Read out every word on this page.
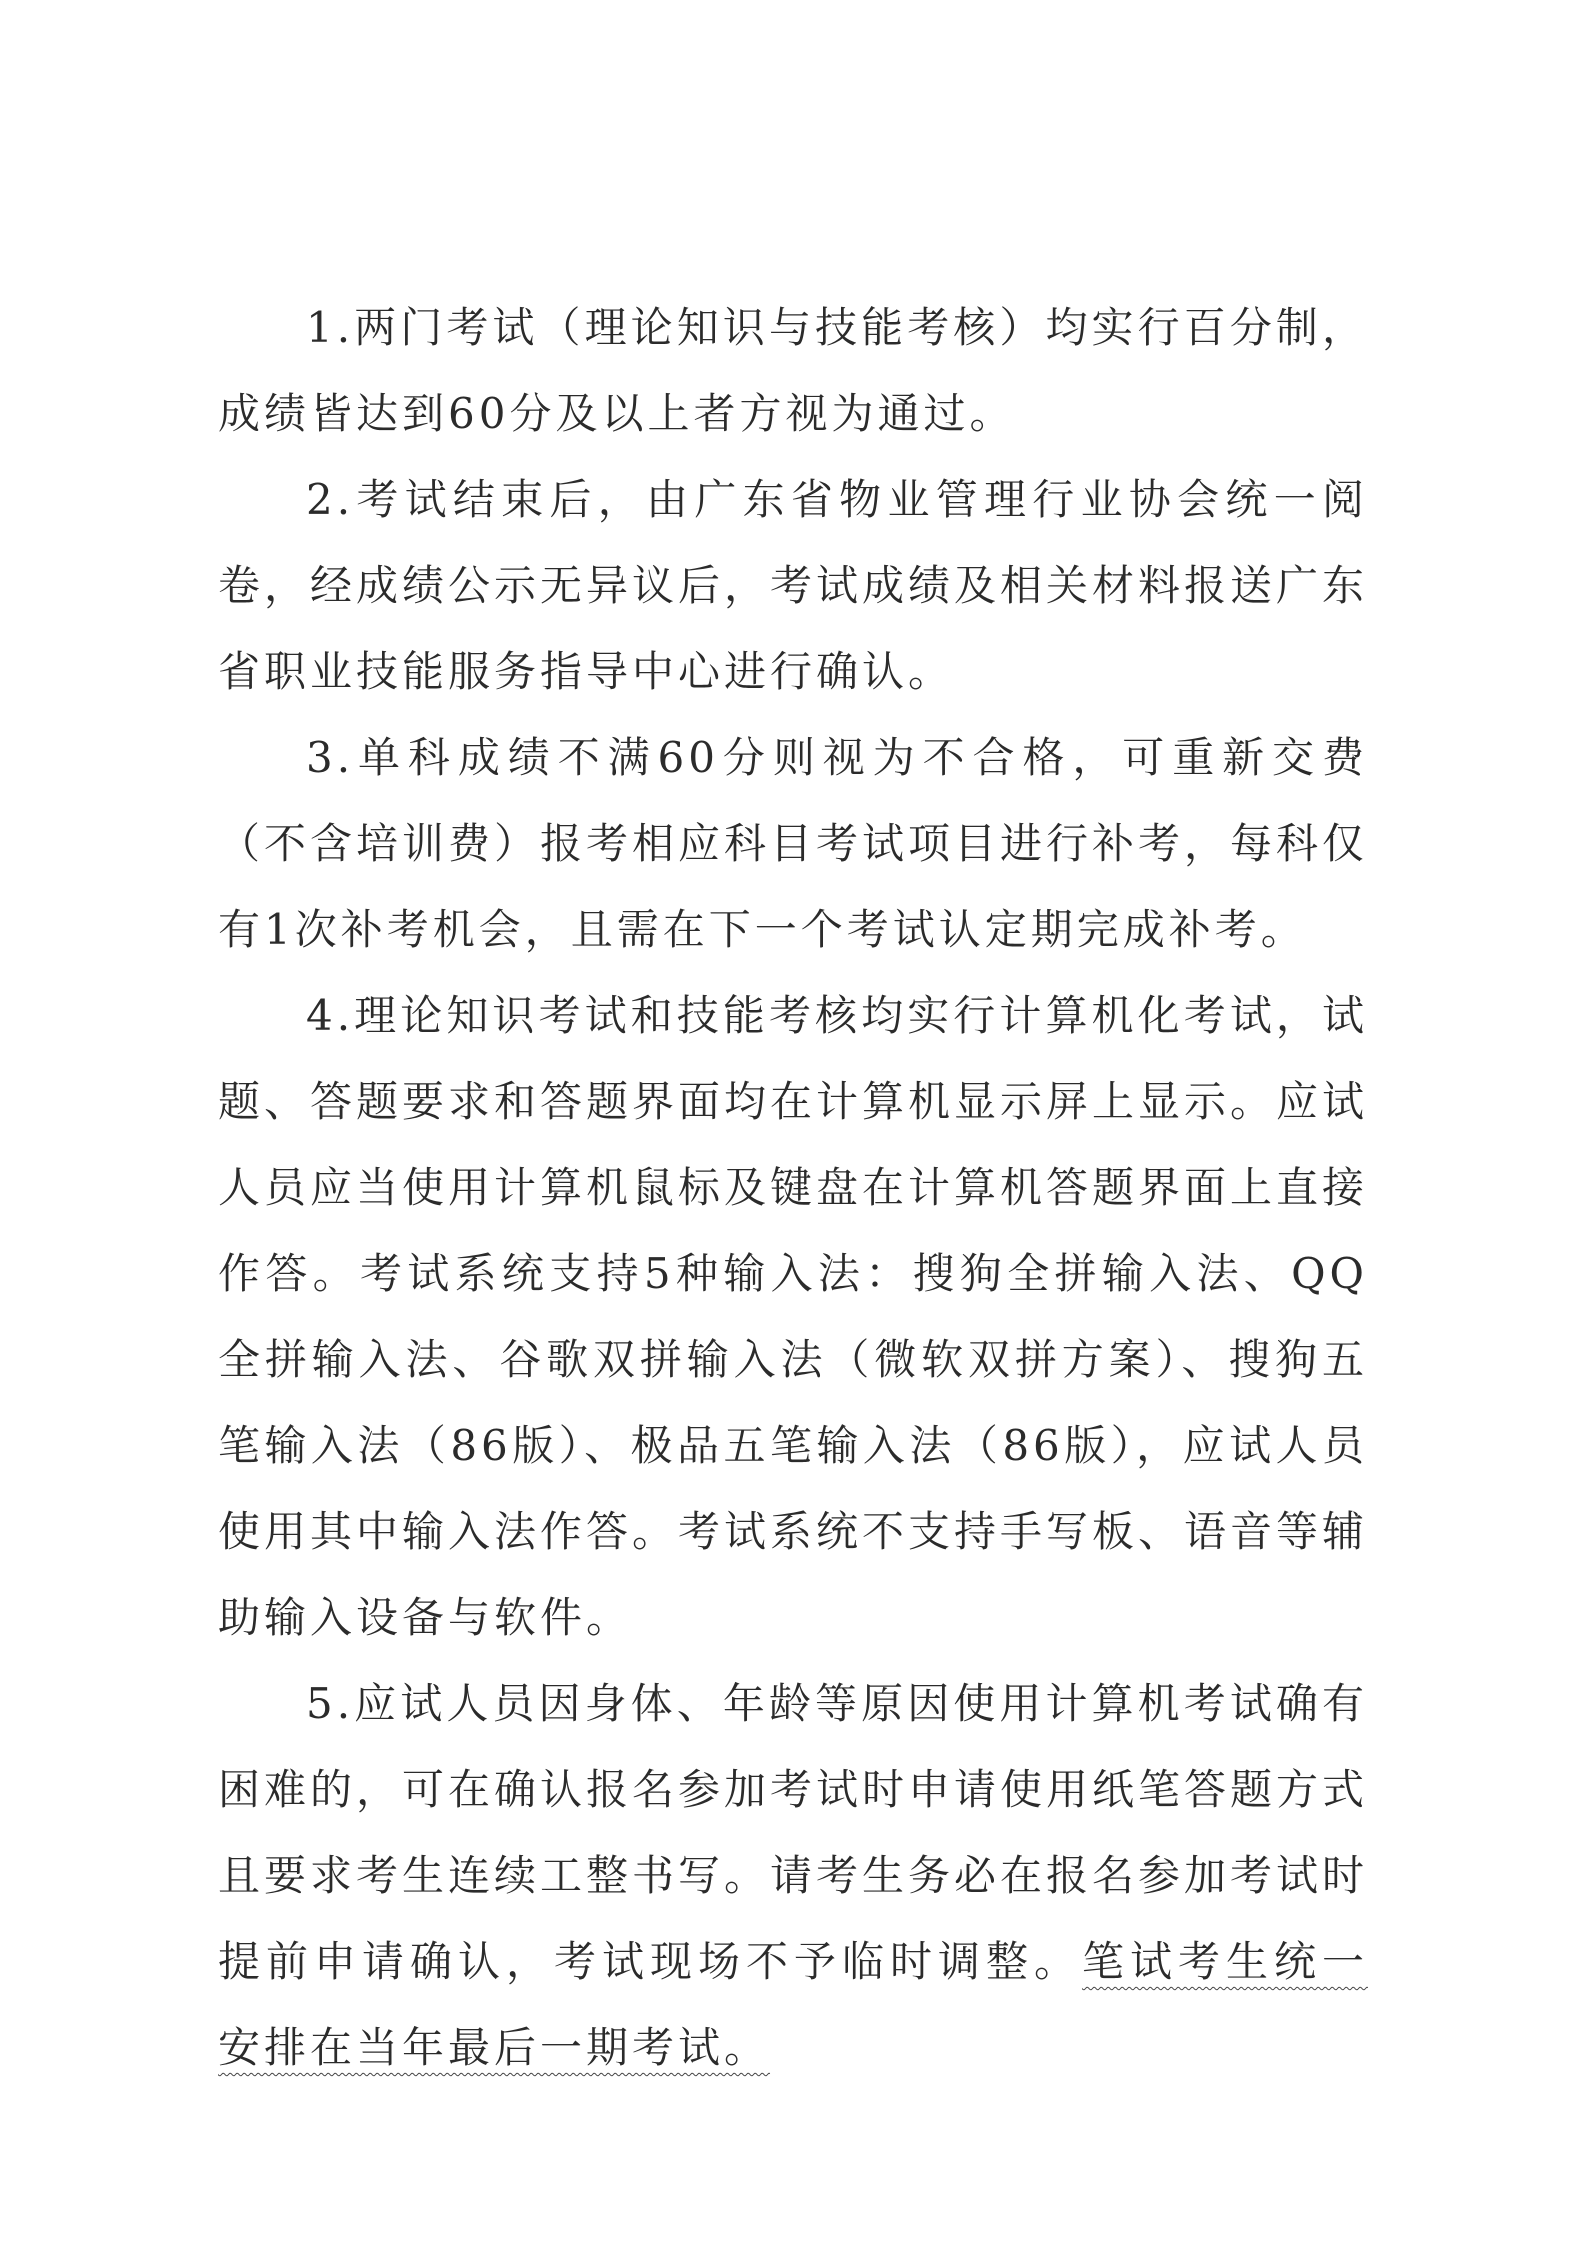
1.两门考试（理论知识与技能考核）均实行百分制，成绩皆达到60分及以上者方视为通过。

2.考试结束后，由广东省物业管理行业协会统一阅卷，经成绩公示无异议后，考试成绩及相关材料报送广东省职业技能服务指导中心进行确认。

3.单科成绩不满60分则视为不合格，可重新交费（不含培训费）报考相应科目考试项目进行补考，每科仅有1次补考机会，且需在下一个考试认定期完成补考。

4.理论知识考试和技能考核均实行计算机化考试，试题、答题要求和答题界面均在计算机显示屏上显示。应试人员应当使用计算机鼠标及键盘在计算机答题界面上直接作答。考试系统支持5种输入法：搜狗全拼输入法、QQ全拼输入法、谷歌双拼输入法（微软双拼方案）、搜狗五笔输入法（86版）、极品五笔输入法（86版），应试人员使用其中输入法作答。考试系统不支持手写板、语音等辅助输入设备与软件。

5.应试人员因身体、年龄等原因使用计算机考试确有困难的，可在确认报名参加考试时申请使用纸笔答题方式且要求考生连续工整书写。请考生务必在报名参加考试时提前申请确认，考试现场不予临时调整。笔试考生统一安排在当年最后一期考试。
